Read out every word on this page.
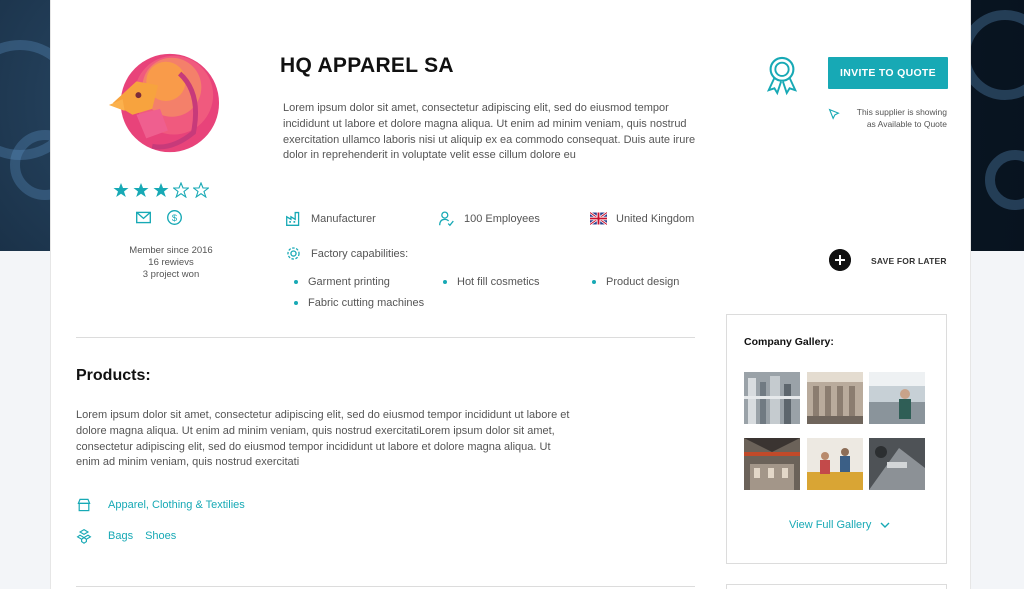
$
Member since 2016
16 rewievs
3 project won
HQ APPAREL SA
Lorem ipsum dolor sit amet, consectetur adipiscing elit, sed do eiusmod tempor incididunt ut labore et dolore magna aliqua. Ut enim ad minim veniam, quis nostrud exercitation ullamco laboris nisi ut aliquip ex ea commodo consequat. Duis aute irure dolor in reprehenderit in voluptate velit esse cillum dolore eu
Manufacturer	100 Employees	United Kingdom
Factory capabilities:
Garment printing	Hot fill cosmetics	Product design
Fabric cutting machines
INVITE TO QUOTE
This supplier is showing
as Available to Quote
SAVE FOR LATER
Products:
Lorem ipsum dolor sit amet, consectetur adipiscing elit, sed do eiusmod tempor incididunt ut labore et dolore magna aliqua. Ut enim ad minim veniam, quis nostrud exercitatiLorem ipsum dolor sit amet, consectetur adipiscing elit, sed do eiusmod tempor incididunt ut labore et dolore magna aliqua. Ut enim ad minim veniam, quis nostrud exercitati
Apparel, Clothing & Textilies
Bags Shoes
Company Gallery:
View Full Gallery
